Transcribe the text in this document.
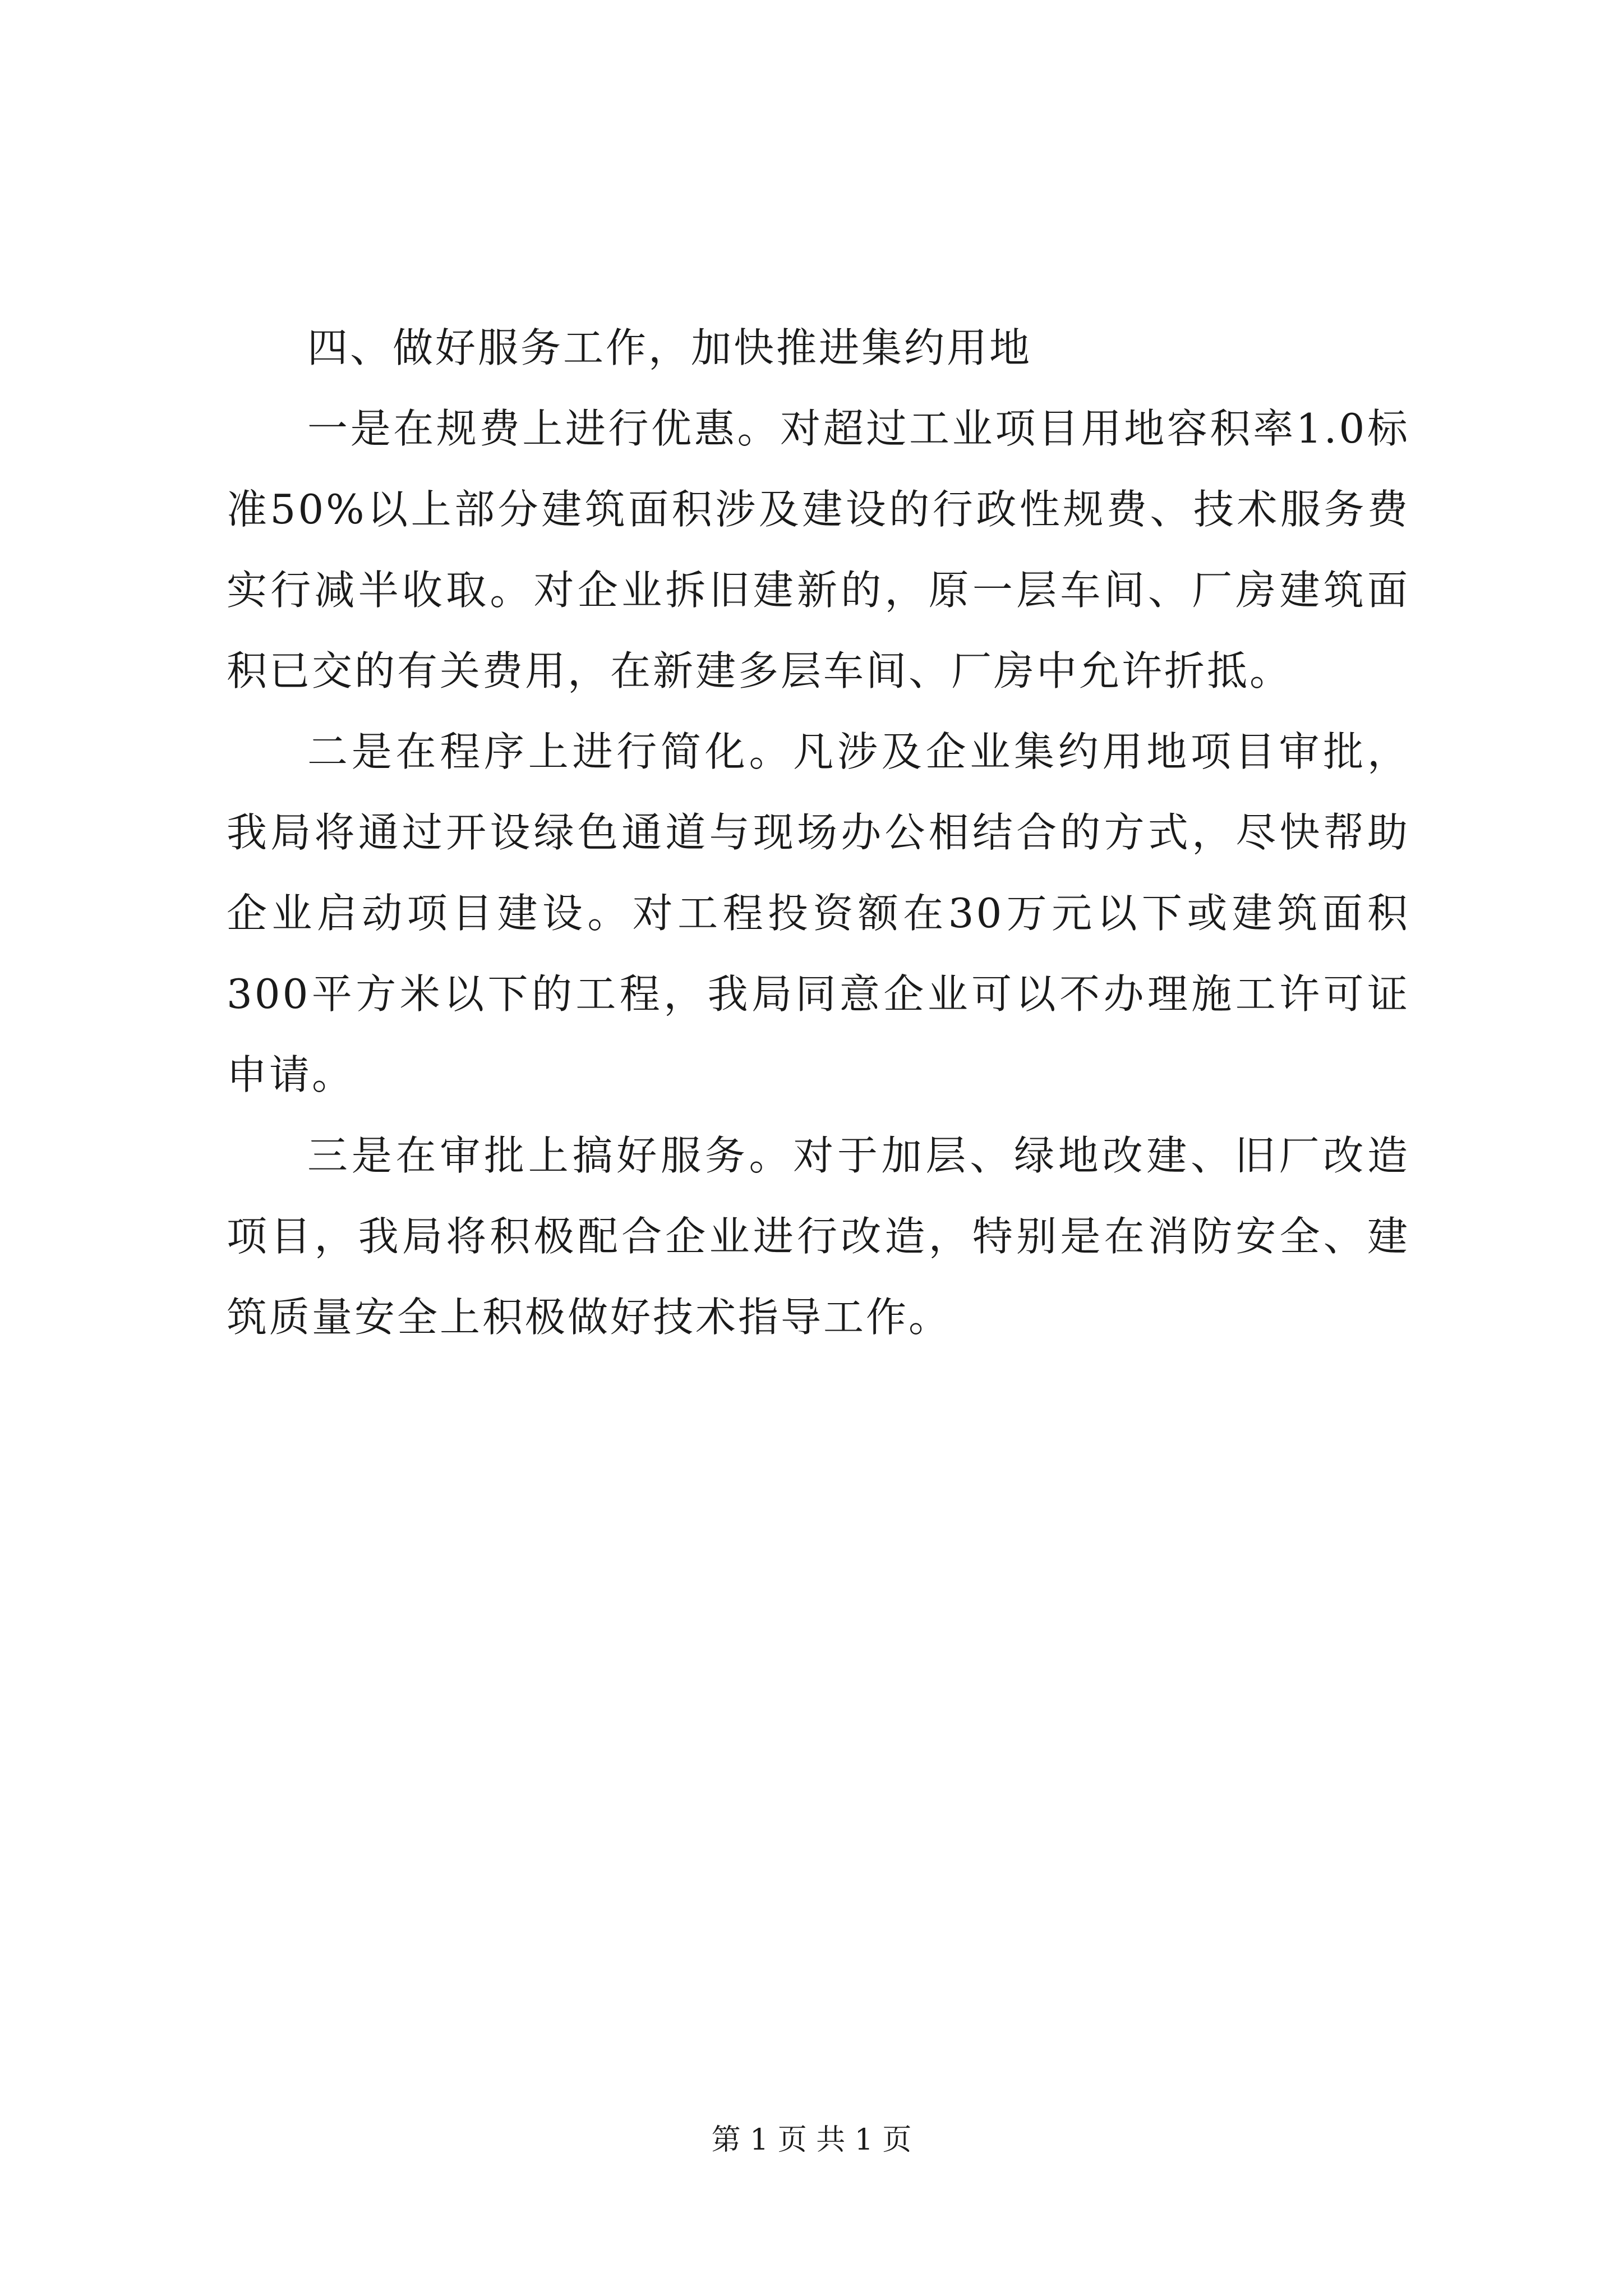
四、做好服务工作，加快推进集约用地

一是在规费上进行优惠。对超过工业项目用地容积率1.0标准50%以上部分建筑面积涉及建设的行政性规费、技术服务费实行减半收取。对企业拆旧建新的，原一层车间、厂房建筑面积已交的有关费用，在新建多层车间、厂房中允许折抵。

二是在程序上进行简化。凡涉及企业集约用地项目审批，我局将通过开设绿色通道与现场办公相结合的方式，尽快帮助企业启动项目建设。对工程投资额在30万元以下或建筑面积300平方米以下的工程，我局同意企业可以不办理施工许可证申请。

三是在审批上搞好服务。对于加层、绿地改建、旧厂改造项目，我局将积极配合企业进行改造，特别是在消防安全、建筑质量安全上积极做好技术指导工作。

第 1 页 共 1 页
